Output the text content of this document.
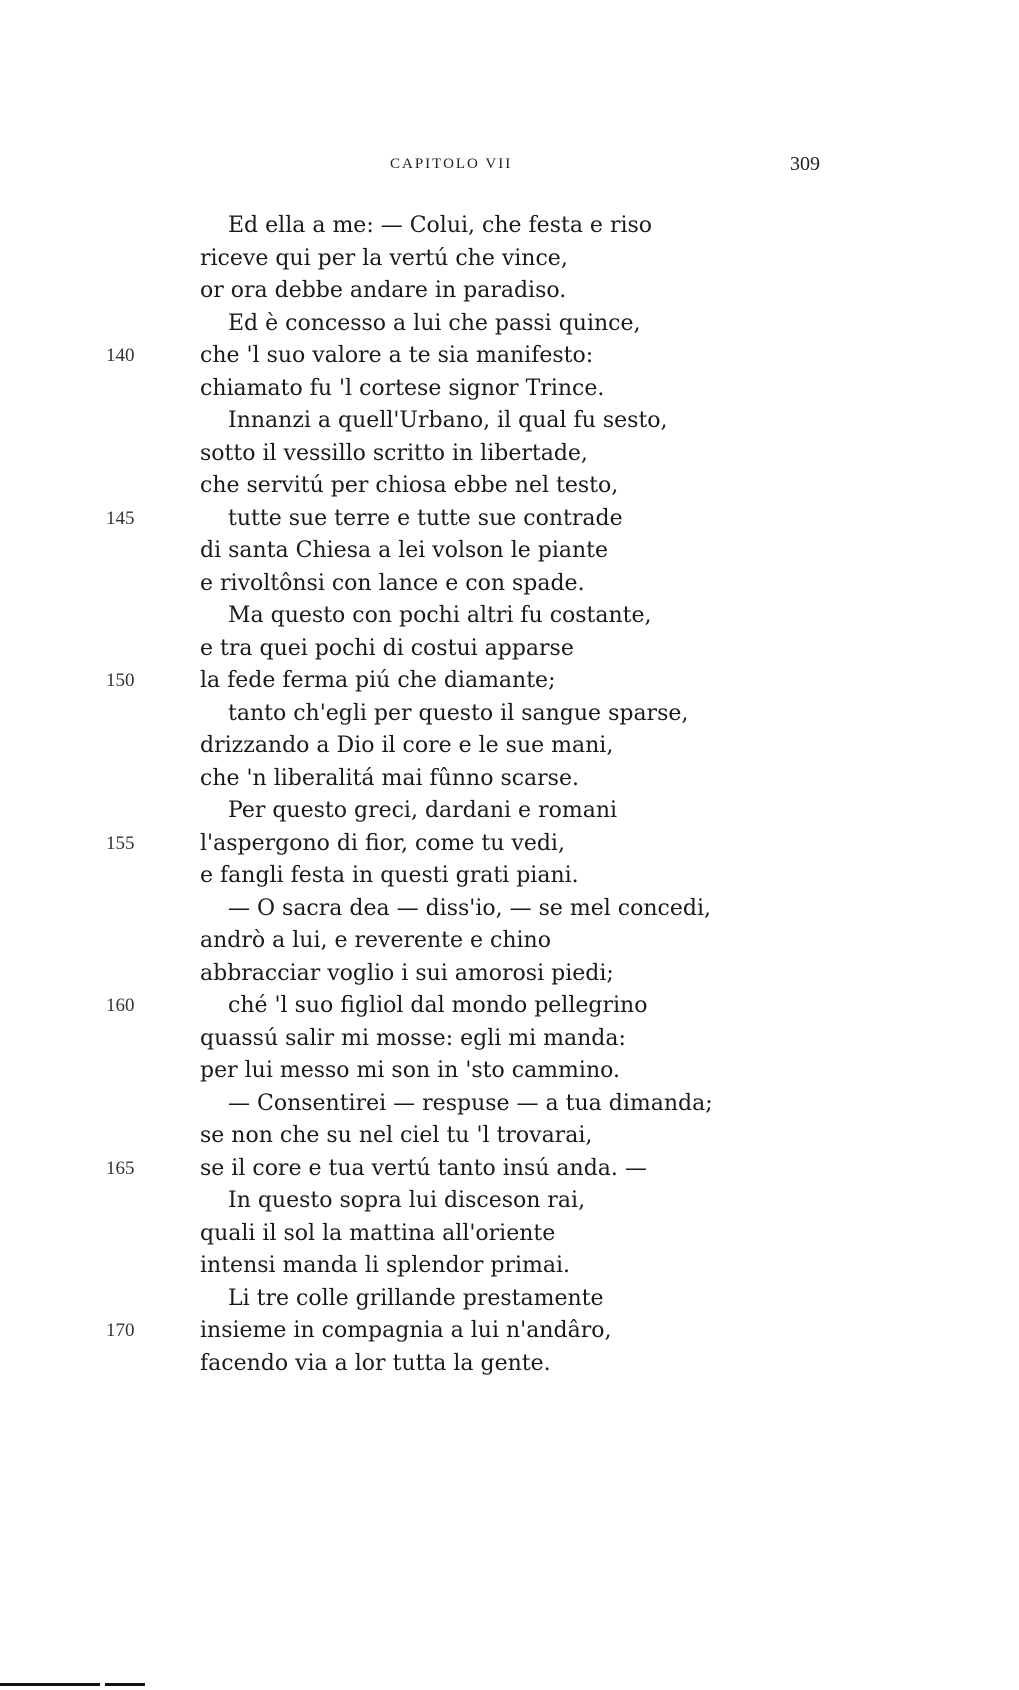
CAPITOLO VII	309
Ed ella a me: — Colui, che festa e riso
riceve qui per la vertú che vince,
or ora debbe andare in paradiso.
Ed è concesso a lui che passi quince,
140	che 'l suo valore a te sia manifesto:
chiamato fu 'l cortese signor Trince.
Innanzi a quell'Urbano, il qual fu sesto,
sotto il vessillo scritto in libertade,
che servitú per chiosa ebbe nel testo,
145	tutte sue terre e tutte sue contrade
di santa Chiesa a lei volson le piante
e rivoltônsi con lance e con spade.
Ma questo con pochi altri fu costante,
e tra quei pochi di costui apparse
150	la fede ferma piú che diamante;
tanto ch'egli per questo il sangue sparse,
drizzando a Dio il core e le sue mani,
che 'n liberalitá mai fûnno scarse.
Per questo greci, dardani e romani
155	l'aspergono di fior, come tu vedi,
e fangli festa in questi grati piani.
— O sacra dea — diss'io, — se mel concedi,
andrò a lui, e reverente e chino
abbracciar voglio i sui amorosi piedi;
160	ché 'l suo figliol dal mondo pellegrino
quassú salir mi mosse: egli mi manda:
per lui messo mi son in 'sto cammino.
— Consentirei — respuse — a tua dimanda;
se non che su nel ciel tu 'l trovarai,
165	se il core e tua vertú tanto insú anda. —
In questo sopra lui disceson rai,
quali il sol la mattina all'oriente
intensi manda li splendor primai.
Li tre colle grillande prestamente
170	insieme in compagnia a lui n'andâro,
facendo via a lor tutta la gente.
